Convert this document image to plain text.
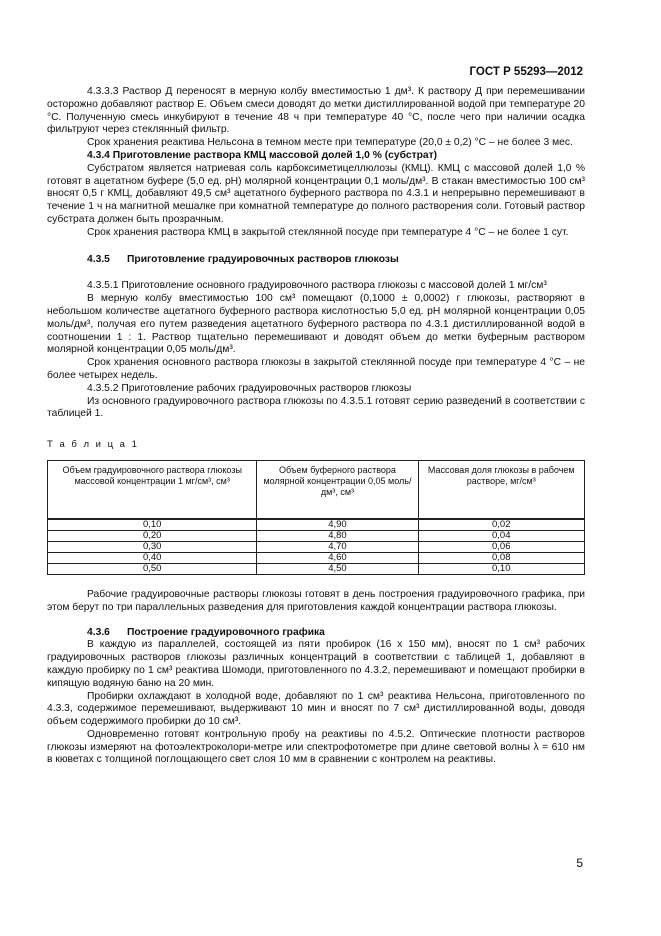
ГОСТ Р 55293—2012

4.3.3.3 Раствор Д переносят в мерную колбу вместимостью 1 дм³. К раствору Д при перемешивании осторожно добавляют раствор Е. Объем смеси доводят до метки дистиллированной водой при температуре 20 °С. Полученную смесь инкубируют в течение 48 ч при температуре 40 °С, после чего при наличии осадка фильтруют через стеклянный фильтр.

Срок хранения реактива Нельсона в темном месте при температуре (20,0 ± 0,2) °С – не более 3 мес.

4.3.4 Приготовление раствора КМЦ массовой долей 1,0 % (субстрат)

Субстратом является натриевая соль карбоксиметицеллюлозы (КМЦ). КМЦ с массовой долей 1,0 % готовят в ацетатном буфере (5,0 ед. pH) молярной концентрации 0,1 моль/дм³. В стакан вместимостью 100 см³ вносят 0,5 г КМЦ, добавляют 49,5 см³ ацетатного буферного раствора по 4.3.1 и непрерывно перемешивают в течение 1 ч на магнитной мешалке при комнатной температуре до полного растворения соли. Готовый раствор субстрата должен быть прозрачным.

Срок хранения раствора КМЦ в закрытой стеклянной посуде при температуре 4 °С – не более 1 сут.

4.3.5 Приготовление градуировочных растворов глюкозы

4.3.5.1 Приготовление основного градуировочного раствора глюкозы с массовой долей 1 мг/см³

В мерную колбу вместимостью 100 см³ помещают (0,1000 ± 0,0002) г глюкозы, растворяют в небольшом количестве ацетатного буферного раствора кислотностью 5,0 ед. pH молярной концентрации 0,05 моль/дм³, получая его путем разведения ацетатного буферного раствора по 4.3.1 дистиллированной водой в соотношении 1 : 1. Раствор тщательно перемешивают и доводят объем до метки буферным раствором молярной концентрации 0,05 моль/дм³.

Срок хранения основного раствора глюкозы в закрытой стеклянной посуде при температуре 4 °С – не более четырех недель.

4.3.5.2 Приготовление рабочих градуировочных растворов глюкозы

Из основного градуировочного раствора глюкозы по 4.3.5.1 готовят серию разведений в соответствии с таблицей 1.

Т а б л и ц а 1
Объем градуировочного раствора глюкозы массовой концентрации 1 мг/см³, см³	Объем буферного раствора молярной концентрации 0,05 моль/дм³, см³	Массовая доля глюкозы в рабочем растворе, мг/см³
0,10	4,90	0,02
0,20	4,80	0,04
0,30	4,70	0,06
0,40	4,60	0,08
0,50	4,50	0,10

Рабочие градуировочные растворы глюкозы готовят в день построения градуировочного графика, при этом берут по три параллельных разведения для приготовления каждой концентрации раствора глюкозы.

4.3.6 Построение градуировочного графика

В каждую из параллелей, состоящей из пяти пробирок (16 х 150 мм), вносят по 1 см³ рабочих градуировочных растворов глюкозы различных концентраций в соответствии с таблицей 1, добавляют в каждую пробирку по 1 см³ реактива Шомоди, приготовленного по 4.3.2, перемешивают и помещают пробирки в кипящую водяную баню на 20 мин.

Пробирки охлаждают в холодной воде, добавляют по 1 см³ реактива Нельсона, приготовленного по 4.3.3, содержимое перемешивают, выдерживают 10 мин и вносят по 7 см³ дистиллированной воды, доводя объем содержимого пробирки до 10 см³.

Одновременно готовят контрольную пробу на реактивы по 4.5.2. Оптические плотности растворов глюкозы измеряют на фотоэлектроколори-метре или спектрофотометре при длине световой волны λ = 610 нм в кюветах с толщиной поглощающего свет слоя 10 мм в сравнении с контролем на реактивы.

5
